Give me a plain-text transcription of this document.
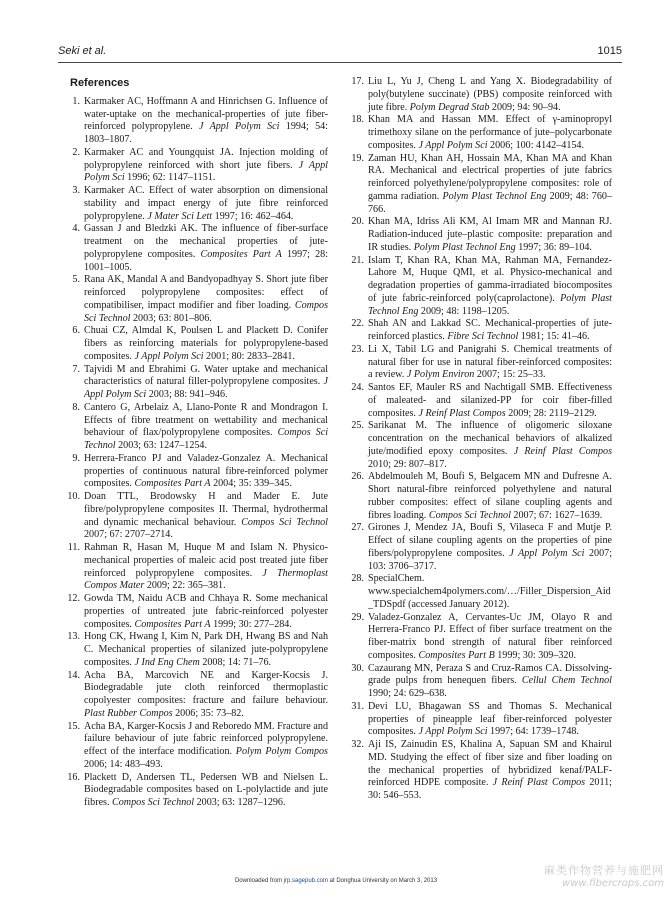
Seki et al.	1015
References
1. Karmaker AC, Hoffmann A and Hinrichsen G. Influence of water-uptake on the mechanical-properties of jute fiber-reinforced polypropylene. J Appl Polym Sci 1994; 54: 1803–1807.
2. Karmaker AC and Youngquist JA. Injection molding of polypropylene reinforced with short jute fibers. J Appl Polym Sci 1996; 62: 1147–1151.
3. Karmaker AC. Effect of water absorption on dimensional stability and impact energy of jute fibre reinforced polypropylene. J Mater Sci Lett 1997; 16: 462–464.
4. Gassan J and Bledzki AK. The influence of fiber-surface treatment on the mechanical properties of jute-polypropylene composites. Composites Part A 1997; 28: 1001–1005.
5. Rana AK, Mandal A and Bandyopadhyay S. Short jute fiber reinforced polypropylene composites: effect of compatibiliser, impact modifier and fiber loading. Compos Sci Technol 2003; 63: 801–806.
6. Chuai CZ, Almdal K, Poulsen L and Plackett D. Conifer fibers as reinforcing materials for polypropylene-based composites. J Appl Polym Sci 2001; 80: 2833–2841.
7. Tajvidi M and Ebrahimi G. Water uptake and mechanical characteristics of natural filler-polypropylene composites. J Appl Polym Sci 2003; 88: 941–946.
8. Cantero G, Arbelaiz A, Llano-Ponte R and Mondragon I. Effects of fibre treatment on wettability and mechanical behaviour of flax/polypropylene composites. Compos Sci Technol 2003; 63: 1247–1254.
9. Herrera-Franco PJ and Valadez-Gonzalez A. Mechanical properties of continuous natural fibre-reinforced polymer composites. Composites Part A 2004; 35: 339–345.
10. Doan TTL, Brodowsky H and Mader E. Jute fibre/polypropylene composites II. Thermal, hydrothermal and dynamic mechanical behaviour. Compos Sci Technol 2007; 67: 2707–2714.
11. Rahman R, Hasan M, Huque M and Islam N. Physico-mechanical properties of maleic acid post treated jute fiber reinforced polypropylene composites. J Thermoplast Compos Mater 2009; 22: 365–381.
12. Gowda TM, Naidu ACB and Chhaya R. Some mechanical properties of untreated jute fabric-reinforced polyester composites. Composites Part A 1999; 30: 277–284.
13. Hong CK, Hwang I, Kim N, Park DH, Hwang BS and Nah C. Mechanical properties of silanized jute-polypropylene composites. J Ind Eng Chem 2008; 14: 71–76.
14. Acha BA, Marcovich NE and Karger-Kocsis J. Biodegradable jute cloth reinforced thermoplastic copolyester composites: fracture and failure behaviour. Plast Rubber Compos 2006; 35: 73–82.
15. Acha BA, Karger-Kocsis J and Reboredo MM. Fracture and failure behaviour of jute fabric reinforced polypropylene. effect of the interface modification. Polym Polym Compos 2006; 14: 483–493.
16. Plackett D, Andersen TL, Pedersen WB and Nielsen L. Biodegradable composites based on L-polylactide and jute fibres. Compos Sci Technol 2003; 63: 1287–1296.
17. Liu L, Yu J, Cheng L and Yang X. Biodegradability of poly(butylene succinate) (PBS) composite reinforced with jute fibre. Polym Degrad Stab 2009; 94: 90–94.
18. Khan MA and Hassan MM. Effect of γ-aminopropyl trimethoxy silane on the performance of jute–polycarbonate composites. J Appl Polym Sci 2006; 100: 4142–4154.
19. Zaman HU, Khan AH, Hossain MA, Khan MA and Khan RA. Mechanical and electrical properties of jute fabrics reinforced polyethylene/polypropylene composites: role of gamma radiation. Polym Plast Technol Eng 2009; 48: 760–766.
20. Khan MA, Idriss Ali KM, Al Imam MR and Mannan RJ. Radiation-induced jute–plastic composite: preparation and IR studies. Polym Plast Technol Eng 1997; 36: 89–104.
21. Islam T, Khan RA, Khan MA, Rahman MA, Fernandez-Lahore M, Huque QMI, et al. Physico-mechanical and degradation properties of gamma-irradiated biocomposites of jute fabric-reinforced poly(caprolactone). Polym Plast Technol Eng 2009; 48: 1198–1205.
22. Shah AN and Lakkad SC. Mechanical-properties of jute-reinforced plastics. Fibre Sci Technol 1981; 15: 41–46.
23. Li X, Tabil LG and Panigrahi S. Chemical treatments of natural fiber for use in natural fiber-reinforced composites: a review. J Polym Environ 2007; 15: 25–33.
24. Santos EF, Mauler RS and Nachtigall SMB. Effectiveness of maleated- and silanized-PP for coir fiber-filled composites. J Reinf Plast Compos 2009; 28: 2119–2129.
25. Sarikanat M. The influence of oligomeric siloxane concentration on the mechanical behaviors of alkalized jute/modified epoxy composites. J Reinf Plast Compos 2010; 29: 807–817.
26. Abdelmouleh M, Boufi S, Belgacem MN and Dufresne A. Short natural-fibre reinforced polyethylene and natural rubber composites: effect of silane coupling agents and fibres loading. Compos Sci Technol 2007; 67: 1627–1639.
27. Girones J, Mendez JA, Boufi S, Vilaseca F and Mutje P. Effect of silane coupling agents on the properties of pine fibers/polypropylene composites. J Appl Polym Sci 2007; 103: 3706–3717.
28. SpecialChem. www.specialchem4polymers.com/…/Filler_Dispersion_Aid_TDSpdf (accessed January 2012).
29. Valadez-Gonzalez A, Cervantes-Uc JM, Olayo R and Herrera-Franco PJ. Effect of fiber surface treatment on the fiber-matrix bond strength of natural fiber reinforced composites. Composites Part B 1999; 30: 309–320.
30. Cazaurang MN, Peraza S and Cruz-Ramos CA. Dissolving-grade pulps from henequen fibers. Cellul Chem Technol 1990; 24: 629–638.
31. Devi LU, Bhagawan SS and Thomas S. Mechanical properties of pineapple leaf fiber-reinforced polyester composites. J Appl Polym Sci 1997; 64: 1739–1748.
32. Aji IS, Zainudin ES, Khalina A, Sapuan SM and Khairul MD. Studying the effect of fiber size and fiber loading on the mechanical properties of hybridized kenaf/PALF-reinforced HDPE composite. J Reinf Plast Compos 2011; 30: 546–553.
Downloaded from jrp.sagepub.com at Donghua University on March 3, 2013
麻类作物营养与施肥网
www.fibercrops.com
